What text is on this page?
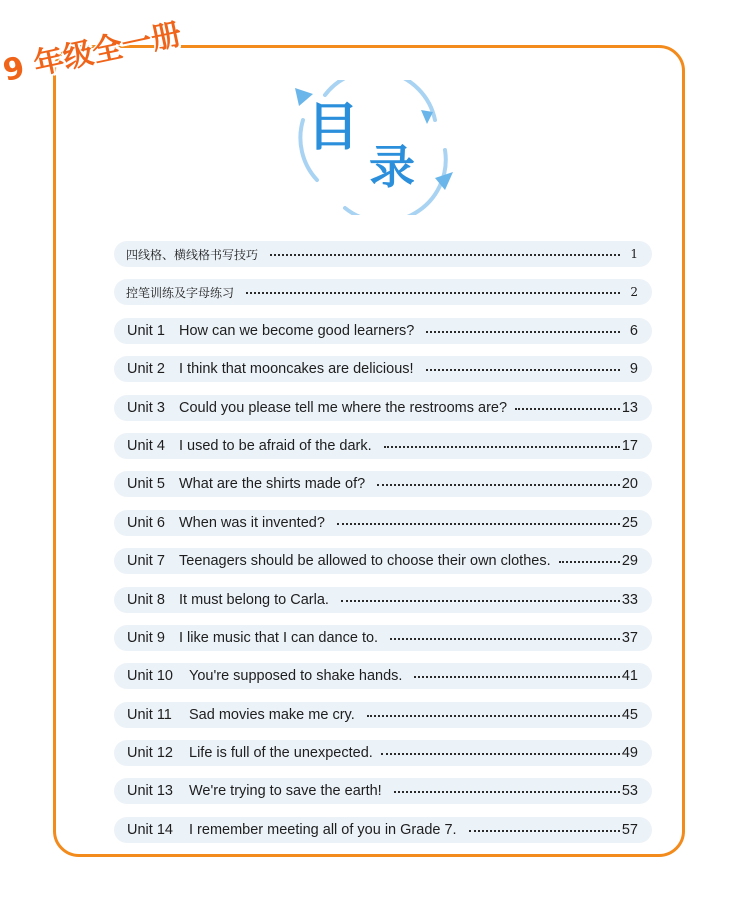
9 年级全一册
目
录
四线格、横线格书写技巧	1
控笔训练及字母练习	2
Unit 1 How can we become good learners?	6
Unit 2 I think that mooncakes are delicious!	9
Unit 3 Could you please tell me where the restrooms are?	13
Unit 4 I used to be afraid of the dark.	17
Unit 5 What are the shirts made of?	20
Unit 6 When was it invented?	25
Unit 7 Teenagers should be allowed to choose their own clothes.	29
Unit 8 It must belong to Carla.	33
Unit 9 I like music that I can dance to.	37
Unit 10	You're supposed to shake hands.	41
Unit 11	Sad movies make me cry.	45
Unit 12	Life is full of the unexpected.	49
Unit 13	We're trying to save the earth!	53
Unit 14	I remember meeting all of you in Grade 7.	57
